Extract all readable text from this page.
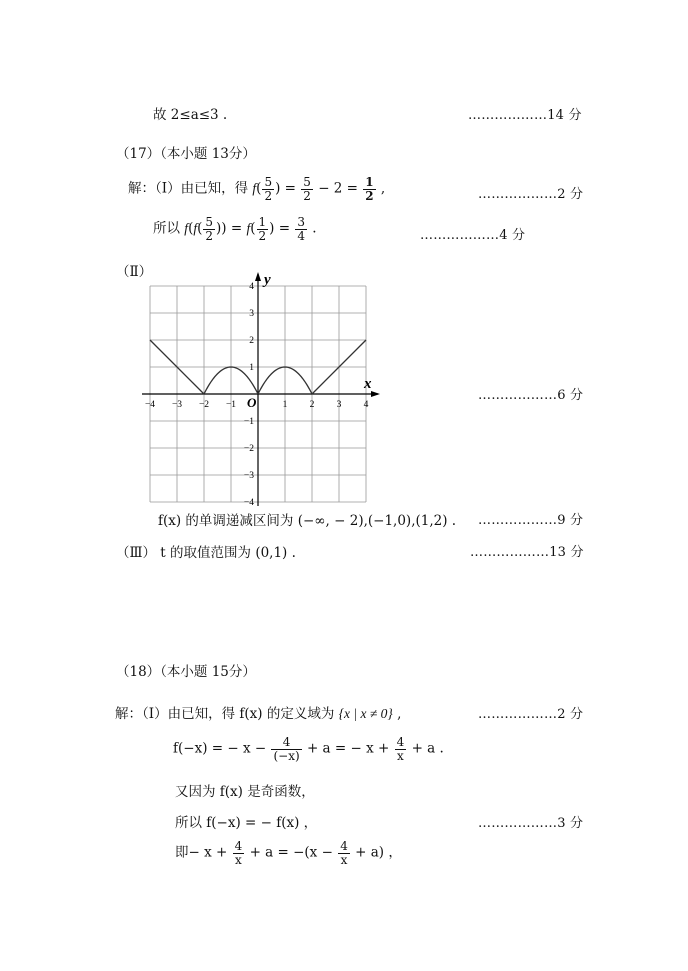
故 2≤a≤3 .	………………14 分
（17）（本小题 13分）
解：（Ⅰ）由已知，得 $f( \frac{5}{2}$ ) = $\frac{5}{2} - 2 = \frac{1}{2}$ ,	………………2 分
所以 $f(f( \frac{5}{2}$ )) = $f( \frac{1}{2}$ ) = $\frac{3}{4}$ .	………………4 分
（Ⅱ）
x
y
O
−4 −3 −2 −1	1 2 3 4
4
3
2
1
−1
−2
−3
−4
………………6 分
f(x) 的单调递减区间为 (−∞, − 2),(−1,0),(1,2) . ………………9 分
（Ⅲ） t 的取值范围为 (0,1) .	………………13 分
（18）（本小题 15分）
解：（Ⅰ）由已知，得 f(x) 的定义域为 {x | x ≠ 0} ,	………………2 分
f(−x) = − $x - \frac{4}{(-x)} + a$ = − $x + \frac{4}{x} + a$ .
又因为 f(x) 是奇函数，
所以 f(−x) = − f(x) ，	………………3 分
即− $x + \frac{4}{x} + a = -(x - \frac{4}{x} + a)$ ，
